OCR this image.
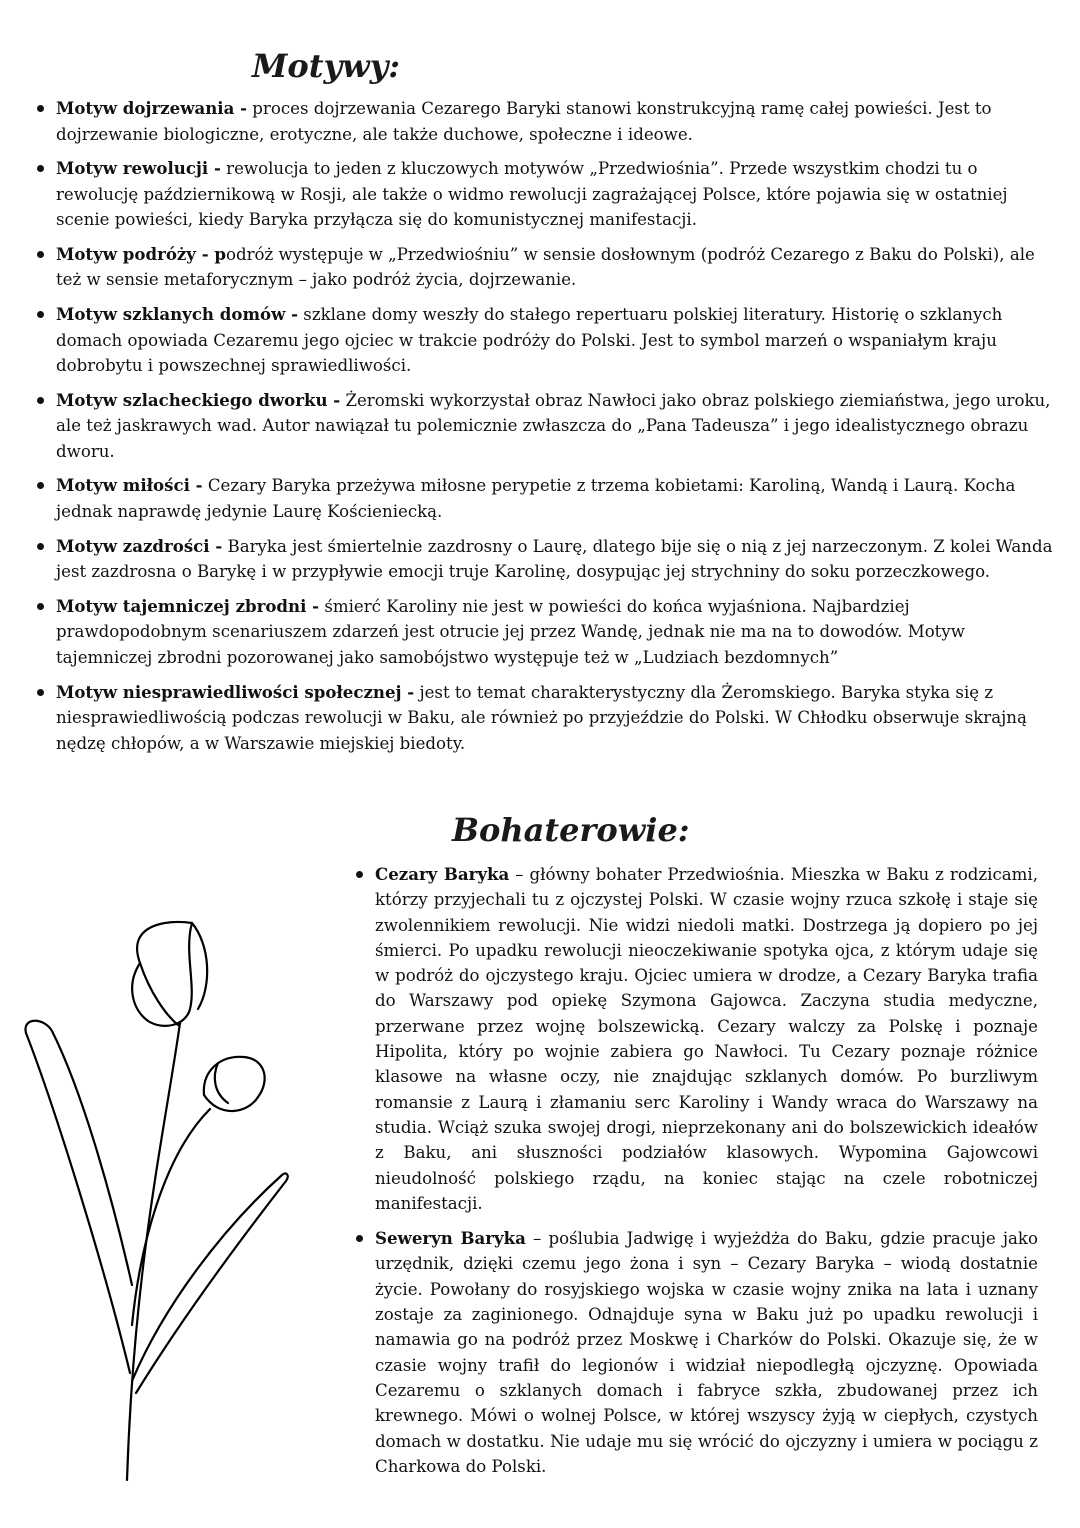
Motywy:
Motyw dojrzewania - proces dojrzewania Cezarego Baryki stanowi konstrukcyjną ramę całej powieści. Jest to dojrzewanie biologiczne, erotyczne, ale także duchowe, społeczne i ideowe.
Motyw rewolucji - rewolucja to jeden z kluczowych motywów „Przedwiośnia”. Przede wszystkim chodzi tu o rewolucję październikową w Rosji, ale także o widmo rewolucji zagrażającej Polsce, które pojawia się w ostatniej scenie powieści, kiedy Baryka przyłącza się do komunistycznej manifestacji.
Motyw podróży - podróż występuje w „Przedwiośniu” w sensie dosłownym (podróż Cezarego z Baku do Polski), ale też w sensie metaforycznym – jako podróż życia, dojrzewanie.
Motyw szklanych domów - szklane domy weszły do stałego repertuaru polskiej literatury. Historię o szklanych domach opowiada Cezaremu jego ojciec w trakcie podróży do Polski. Jest to symbol marzeń o wspaniałym kraju dobrobytu i powszechnej sprawiedliwości.
Motyw szlacheckiego dworku - Żeromski wykorzystał obraz Nawłoci jako obraz polskiego ziemiaństwa, jego uroku, ale też jaskrawych wad. Autor nawiązał tu polemicznie zwłaszcza do „Pana Tadeusza” i jego idealistycznego obrazu dworu.
Motyw miłości - Cezary Baryka przeżywa miłosne perypetie z trzema kobietami: Karoliną, Wandą i Laurą. Kocha jednak naprawdę jedynie Laurę Kościeniecką.
Motyw zazdrości - Baryka jest śmiertelnie zazdrosny o Laurę, dlatego bije się o nią z jej narzeczonym. Z kolei Wanda jest zazdrosna o Barykę i w przypływie emocji truje Karolinę, dosypując jej strychniny do soku porzeczkowego.
Motyw tajemniczej zbrodni - śmierć Karoliny nie jest w powieści do końca wyjaśniona. Najbardziej prawdopodobnym scenariuszem zdarzeń jest otrucie jej przez Wandę, jednak nie ma na to dowodów. Motyw tajemniczej zbrodni pozorowanej jako samobójstwo występuje też w „Ludziach bezdomnych”
Motyw niesprawiedliwości społecznej - jest to temat charakterystyczny dla Żeromskiego. Baryka styka się z niesprawiedliwością podczas rewolucji w Baku, ale również po przyjeździe do Polski. W Chłodku obserwuje skrajną nędzę chłopów, a w Warszawie miejskiej biedoty.
Bohaterowie:
Cezary Baryka – główny bohater Przedwiośnia. Mieszka w Baku z rodzicami, którzy przyjechali tu z ojczystej Polski. W czasie wojny rzuca szkołę i staje się zwolennikiem rewolucji. Nie widzi niedoli matki. Dostrzega ją dopiero po jej śmierci. Po upadku rewolucji nieoczekiwanie spotyka ojca, z którym udaje się w podróż do ojczystego kraju. Ojciec umiera w drodze, a Cezary Baryka trafia do Warszawy pod opiekę Szymona Gajowca. Zaczyna studia medyczne, przerwane przez wojnę bolszewicką. Cezary walczy za Polskę i poznaje Hipolita, który po wojnie zabiera go Nawłoci. Tu Cezary poznaje różnice klasowe na własne oczy, nie znajdując szklanych domów. Po burzliwym romansie z Laurą i złamaniu serc Karoliny i Wandy wraca do Warszawy na studia. Wciąż szuka swojej drogi, nieprzekonany ani do bolszewickich ideałów z Baku, ani słuszności podziałów klasowych. Wypomina Gajowcowi nieudolność polskiego rządu, na koniec stając na czele robotniczej manifestacji.
Seweryn Baryka – poślubia Jadwigę i wyjeżdża do Baku, gdzie pracuje jako urzędnik, dzięki czemu jego żona i syn – Cezary Baryka – wiodą dostatnie życie. Powołany do rosyjskiego wojska w czasie wojny znika na lata i uznany zostaje za zaginionego. Odnajduje syna w Baku już po upadku rewolucji i namawia go na podróż przez Moskwę i Charków do Polski. Okazuje się, że w czasie wojny trafił do legionów i widział niepodległą ojczyznę. Opowiada Cezaremu o szklanych domach i fabryce szkła, zbudowanej przez ich krewnego. Mówi o wolnej Polsce, w której wszyscy żyją w ciepłych, czystych domach w dostatku. Nie udaje mu się wrócić do ojczyzny i umiera w pociągu z Charkowa do Polski.
